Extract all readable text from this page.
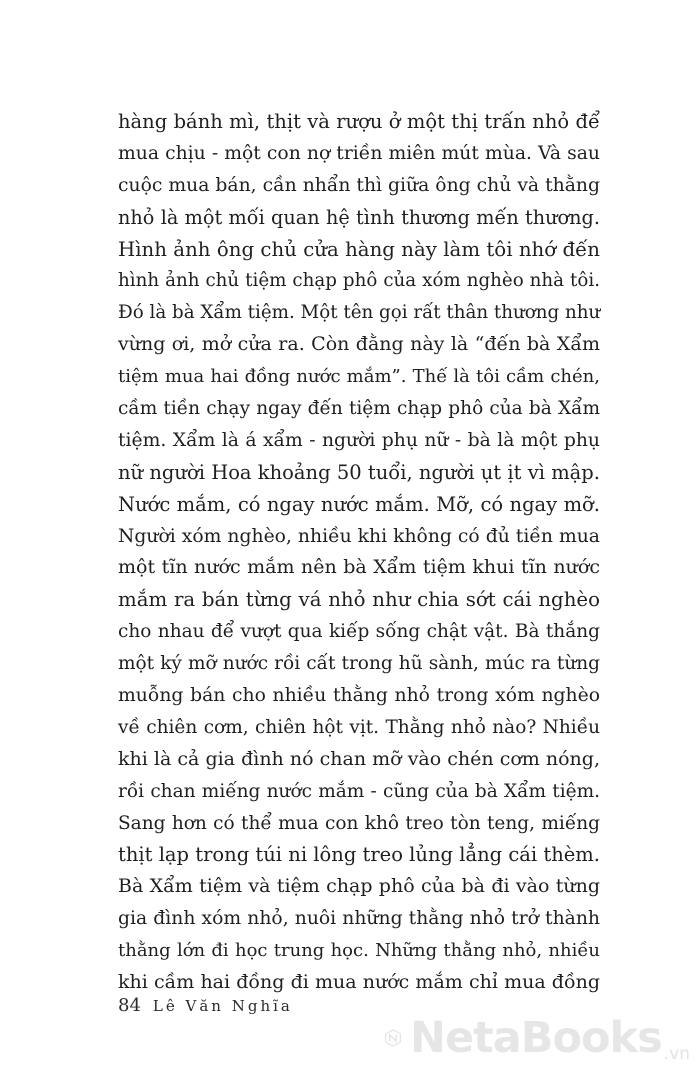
hàng bánh mì, thịt và rượu ở một thị trấn nhỏ để
mua chịu - một con nợ triền miên mút mùa. Và sau
cuộc mua bán, cần nhẩn thì giữa ông chủ và thằng
nhỏ là một mối quan hệ tình thương mến thương.
Hình ảnh ông chủ cửa hàng này làm tôi nhớ đến
hình ảnh chủ tiệm chạp phô của xóm nghèo nhà tôi.
Đó là bà Xẩm tiệm. Một tên gọi rất thân thương như
vừng ơi, mở cửa ra. Còn đằng này là “đến bà Xẩm
tiệm mua hai đồng nước mắm”. Thế là tôi cầm chén,
cầm tiền chạy ngay đến tiệm chạp phô của bà Xẩm
tiệm. Xẩm là á xẩm - người phụ nữ - bà là một phụ
nữ người Hoa khoảng 50 tuổi, người ụt ịt vì mập.
Nước mắm, có ngay nước mắm. Mỡ, có ngay mỡ.
Người xóm nghèo, nhiều khi không có đủ tiền mua
một tĩn nước mắm nên bà Xẩm tiệm khui tĩn nước
mắm ra bán từng vá nhỏ như chia sớt cái nghèo
cho nhau để vượt qua kiếp sống chật vật. Bà thắng
một ký mỡ nước rồi cất trong hũ sành, múc ra từng
muỗng bán cho nhiều thằng nhỏ trong xóm nghèo
về chiên cơm, chiên hột vịt. Thằng nhỏ nào? Nhiều
khi là cả gia đình nó chan mỡ vào chén cơm nóng,
rồi chan miếng nước mắm - cũng của bà Xẩm tiệm.
Sang hơn có thể mua con khô treo tòn teng, miếng
thịt lạp trong túi ni lông treo lủng lẳng cái thèm.
Bà Xẩm tiệm và tiệm chạp phô của bà đi vào từng
gia đình xóm nhỏ, nuôi những thằng nhỏ trở thành
thằng lớn đi học trung học. Những thằng nhỏ, nhiều
khi cầm hai đồng đi mua nước mắm chỉ mua đồng
84 Lê Văn Nghĩa
NetaBooks .vn
